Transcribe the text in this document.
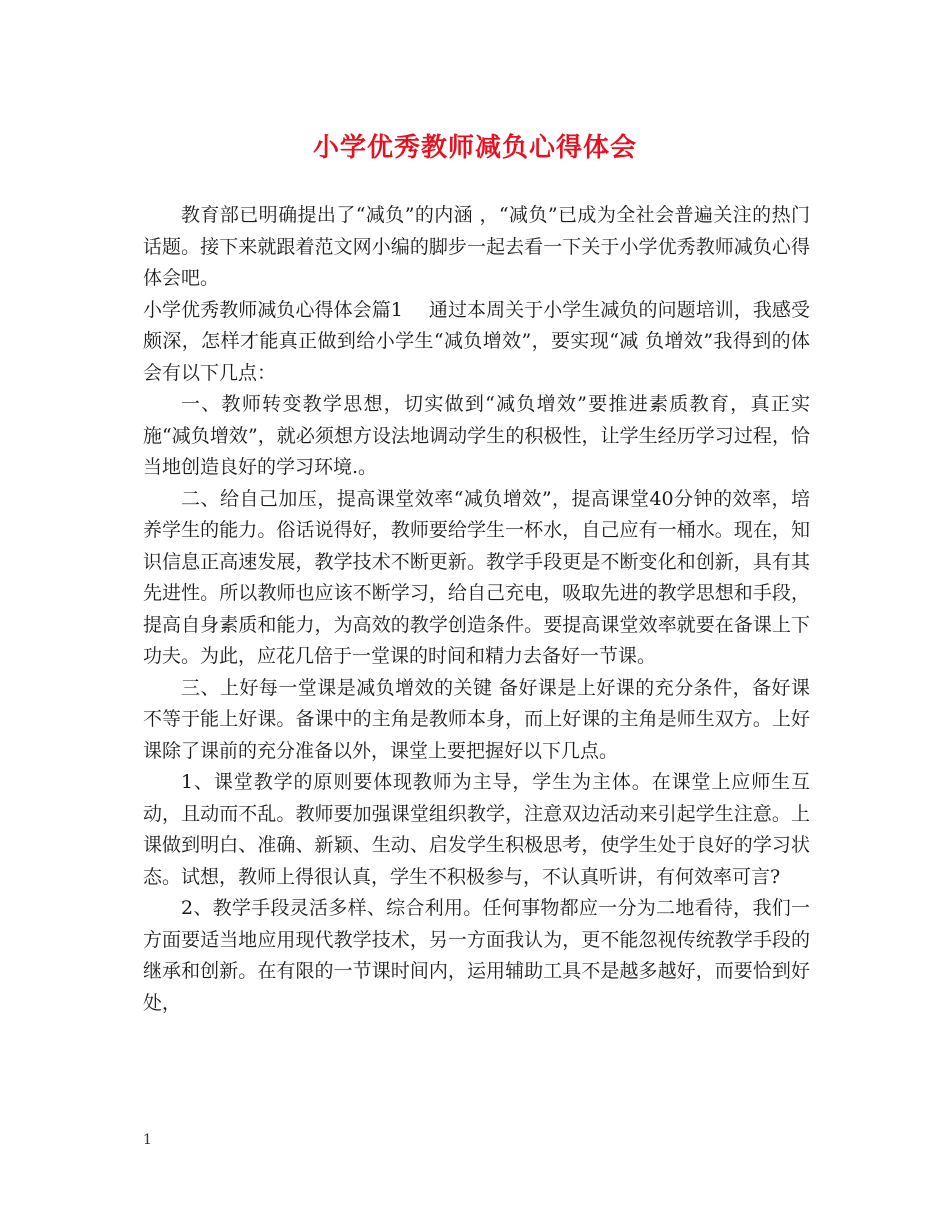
小学优秀教师减负心得体会

教育部已明确提出了“减负”的内涵 ，“减负”已成为全社会普遍关注的热门话题。接下来就跟着范文网小编的脚步一起去看一下关于小学优秀教师减负心得体会吧。

小学优秀教师减负心得体会篇1 通过本周关于小学生减负的问题培训，我感受颇深，怎样才能真正做到给小学生“减负增效”，要实现“减 负增效”我得到的体会有以下几点：

一、教师转变教学思想，切实做到“减负增效”要推进素质教育，真正实施“减负增效”，就必须想方设法地调动学生的积极性，让学生经历学习过程，恰当地创造良好的学习环境.。

二、给自己加压，提高课堂效率“减负增效”，提高课堂40分钟的效率，培养学生的能力。俗话说得好，教师要给学生一杯水，自己应有一桶水。现在，知识信息正高速发展，教学技术不断更新。教学手段更是不断变化和创新，具有其先进性。所以教师也应该不断学习，给自己充电，吸取先进的教学思想和手段，提高自身素质和能力，为高效的教学创造条件。要提高课堂效率就要在备课上下功夫。为此，应花几倍于一堂课的时间和精力去备好一节课。

三、上好每一堂课是减负增效的关键 备好课是上好课的充分条件，备好课不等于能上好课。备课中的主角是教师本身，而上好课的主角是师生双方。上好课除了课前的充分准备以外，课堂上要把握好以下几点。

1、课堂教学的原则要体现教师为主导，学生为主体。在课堂上应师生互动，且动而不乱。教师要加强课堂组织教学，注意双边活动来引起学生注意。上课做到明白、准确、新颖、生动、启发学生积极思考，使学生处于良好的学习状态。试想，教师上得很认真，学生不积极参与，不认真听讲，有何效率可言?

2、教学手段灵活多样、综合利用。任何事物都应一分为二地看待，我们一方面要适当地应用现代教学技术，另一方面我认为，更不能忽视传统教学手段的继承和创新。在有限的一节课时间内，运用辅助工具不是越多越好，而要恰到好处，

1
